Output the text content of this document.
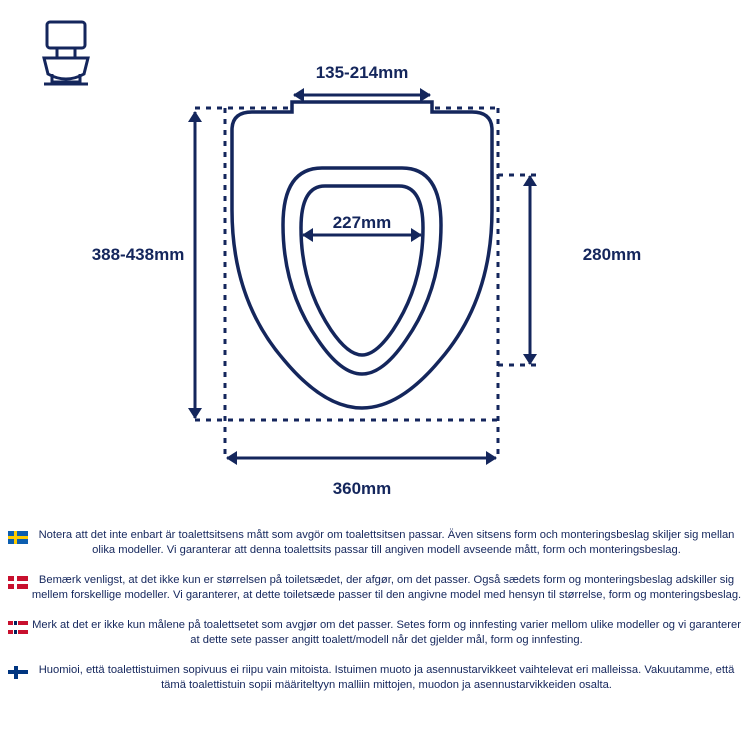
135-214mm
388-438mm
227mm
280mm
360mm
Notera att det inte enbart är toalettsitsens mått som avgör om toalettsitsen passar. Även sitsens form och monteringsbeslag skiljer sig mellan olika modeller. Vi garanterar att denna toalettsits passar till angiven modell avseende mått, form och monteringsbeslag.
Bemærk venligst, at det ikke kun er størrelsen på toiletsædet, der afgør, om det passer. Også sædets form og monteringsbeslag adskiller sig mellem forskellige modeller. Vi garanterer, at dette toiletsæde passer til den angivne model med hensyn til størrelse, form og monteringsbeslag.
Merk at det er ikke kun målene på toalettsetet som avgjør om det passer. Setes form og innfesting varier mellom ulike modeller og vi garanterer at dette sete passer angitt toalett/modell når det gjelder mål, form og innfesting.
Huomioi, että toalettistuimen sopivuus ei riipu vain mitoista. Istuimen muoto ja asennustarvikkeet vaihtelevat eri malleissa. Vakuutamme, että tämä toalettistuin sopii määriteltyyn malliin mittojen, muodon ja asennustarvikkeiden osalta.
